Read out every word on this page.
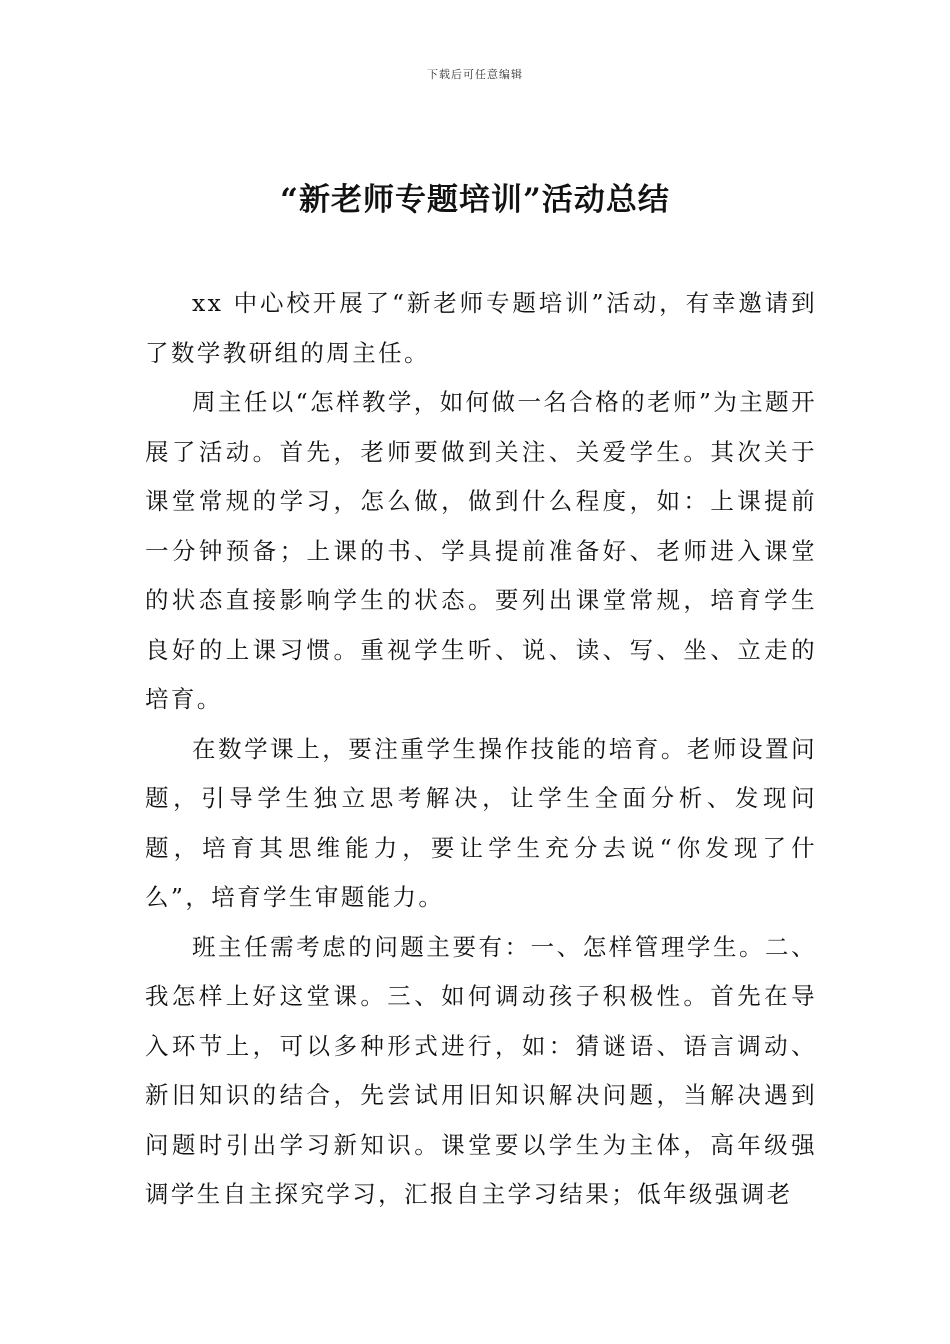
下载后可任意编辑
“新老师专题培训”活动总结

xx 中心校开展了“新老师专题培训”活动，有幸邀请到了数学教研组的周主任。

周主任以“怎样教学，如何做一名合格的老师”为主题开展了活动。首先，老师要做到关注、关爱学生。其次关于课堂常规的学习，怎么做，做到什么程度，如：上课提前一分钟预备；上课的书、学具提前准备好、老师进入课堂的状态直接影响学生的状态。要列出课堂常规，培育学生良好的上课习惯。重视学生听、说、读、写、坐、立走的培育。

在数学课上，要注重学生操作技能的培育。老师设置问题，引导学生独立思考解决，让学生全面分析、发现问题，培育其思维能力，要让学生充分去说“你发现了什么”，培育学生审题能力。

班主任需考虑的问题主要有：一、怎样管理学生。二、我怎样上好这堂课。三、如何调动孩子积极性。首先在导入环节上，可以多种形式进行，如：猜谜语、语言调动、新旧知识的结合，先尝试用旧知识解决问题，当解决遇到问题时引出学习新知识。课堂要以学生为主体，高年级强调学生自主探究学习，汇报自主学习结果；低年级强调老
